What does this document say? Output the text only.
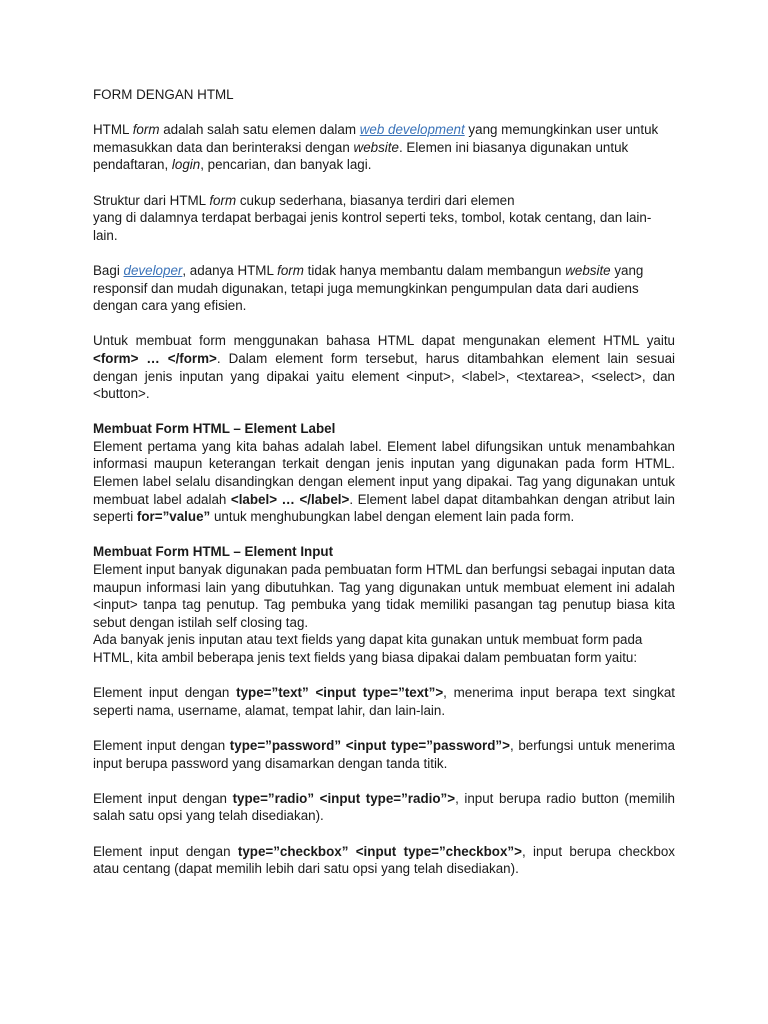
FORM DENGAN HTML

HTML form adalah salah satu elemen dalam web development yang memungkinkan user untuk memasukkan data dan berinteraksi dengan website. Elemen ini biasanya digunakan untuk pendaftaran, login, pencarian, dan banyak lagi.

Struktur dari HTML form cukup sederhana, biasanya terdiri dari elemen
yang di dalamnya terdapat berbagai jenis kontrol seperti teks, tombol, kotak centang, dan lain-lain.

Bagi developer, adanya HTML form tidak hanya membantu dalam membangun website yang responsif dan mudah digunakan, tetapi juga memungkinkan pengumpulan data dari audiens dengan cara yang efisien.

Untuk membuat form menggunakan bahasa HTML dapat mengunakan element HTML yaitu <form> … </form>. Dalam element form tersebut, harus ditambahkan element lain sesuai dengan jenis inputan yang dipakai yaitu element <input>, <label>, <textarea>, <select>, dan <button>.

Membuat Form HTML – Element Label

Element pertama yang kita bahas adalah label. Element label difungsikan untuk menambahkan informasi maupun keterangan terkait dengan jenis inputan yang digunakan pada form HTML. Elemen label selalu disandingkan dengan element input yang dipakai. Tag yang digunakan untuk membuat label adalah <label> … </label>. Element label dapat ditambahkan dengan atribut lain seperti for=”value” untuk menghubungkan label dengan element lain pada form.

Membuat Form HTML – Element Input

Element input banyak digunakan pada pembuatan form HTML dan berfungsi sebagai inputan data maupun informasi lain yang dibutuhkan. Tag yang digunakan untuk membuat element ini adalah <input> tanpa tag penutup. Tag pembuka yang tidak memiliki pasangan tag penutup biasa kita sebut dengan istilah self closing tag.

Ada banyak jenis inputan atau text fields yang dapat kita gunakan untuk membuat form pada HTML, kita ambil beberapa jenis text fields yang biasa dipakai dalam pembuatan form yaitu:

Element input dengan type=”text” <input type=”text”>, menerima input berapa text singkat seperti nama, username, alamat, tempat lahir, dan lain-lain.

Element input dengan type=”password” <input type=”password”>, berfungsi untuk menerima input berupa password yang disamarkan dengan tanda titik.

Element input dengan type=”radio” <input type=”radio”>, input berupa radio button (memilih salah satu opsi yang telah disediakan).

Element input dengan type=”checkbox” <input type=”checkbox”>, input berupa checkbox atau centang (dapat memilih lebih dari satu opsi yang telah disediakan).
